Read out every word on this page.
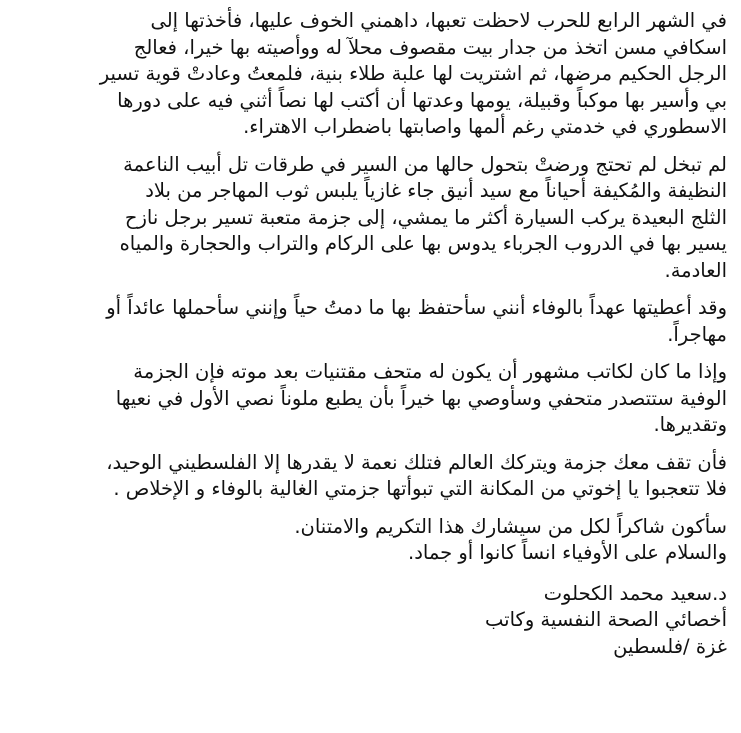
في الشهر الرابع للحرب لاحظت تعبها، داهمني الخوف عليها، فأخذتها إلى
اسكافي مسن اتخذ من جدار بيت مقصوف محلآ له ووأصيته بها خيرا، فعالج
الرجل الحكيم مرضها، ثم اشتريت لها علبة طلاء بنية، فلمعتُ وعادتْ قوية تسير
بي وأسير بها موكباً وقبيلة، يومها وعدتها أن أكتب لها نصاً أثني فيه على دورها
الاسطوري في خدمتي رغم ألمها واصابتها باضطراب الاهتراء.

لم تبخل لم تحتج ورضتْ بتحول حالها من السير في طرقات تل أبيب الناعمة
النظيفة والمُكيفة أحياناً مع سيد أنيق جاء غازياً يلبس ثوب المهاجر من بلاد
الثلج البعيدة يركب السيارة أكثر ما يمشي، إلى جزمة متعبة تسير برجل نازح
يسير بها في الدروب الجرباء يدوس بها على الركام والتراب والحجارة والمياه
العادمة.

وقد أعطيتها عهداً بالوفاء أنني سأحتفظ بها ما دمتُ حياً وإنني سأحملها عائداً أو
مهاجراً.

وإذا ما كان لكاتب مشهور أن يكون له متحف مقتنيات بعد موته فإن الجزمة
الوفية ستتصدر متحفي وسأوصي بها خيراً بأن يطبع ملوناً نصي الأول في نعيها
وتقديرها.

فأن تقف معك جزمة ويتركك العالم فتلك نعمة لا يقدرها إلا الفلسطيني الوحيد،
فلا تتعجبوا يا إخوتي من المكانة التي تبوأتها جزمتي الغالية بالوفاء و الإخلاص .

سأكون شاكراً لكل من سيشارك هذا التكريم والامتنان.
والسلام على الأوفياء انساً كانوا أو جماد.

د.سعيد محمد الكحلوت
أخصائي الصحة النفسية وكاتب
غزة /فلسطين
